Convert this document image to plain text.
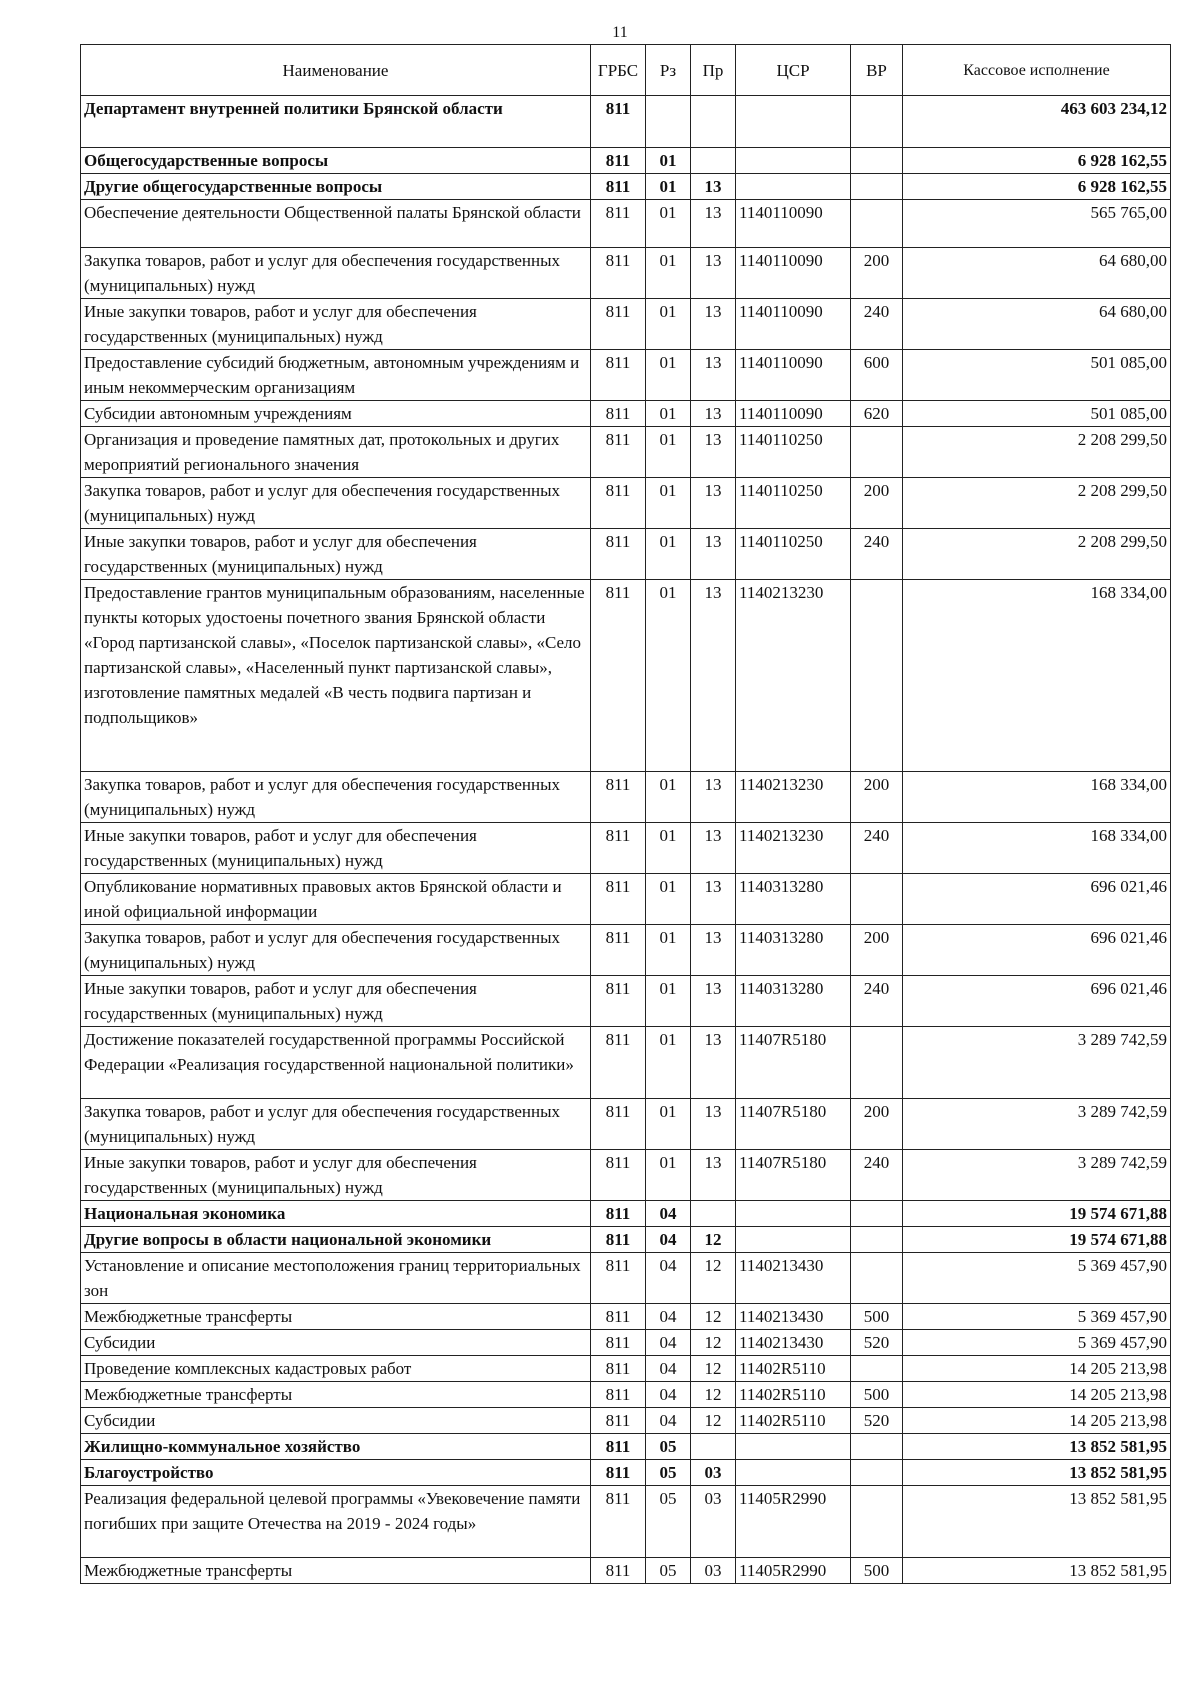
11
Наименование	ГРБС	Рз	Пр	ЦСР	ВР	Кассовое исполнение
Департамент внутренней политики Брянской области	811					463 603 234,12
Общегосударственные вопросы	811	01				6 928 162,55
Другие общегосударственные вопросы	811	01	13			6 928 162,55
Обеспечение деятельности Общественной палаты Брянской области	811	01	13	1140110090		565 765,00
Закупка товаров, работ и услуг для обеспечения государственных (муниципальных) нужд	811	01	13	1140110090	200	64 680,00
Иные закупки товаров, работ и услуг для обеспечения государственных (муниципальных) нужд	811	01	13	1140110090	240	64 680,00
Предоставление субсидий бюджетным, автономным учреждениям и иным некоммерческим организациям	811	01	13	1140110090	600	501 085,00
Субсидии автономным учреждениям	811	01	13	1140110090	620	501 085,00
Организация и проведение памятных дат, протокольных и других мероприятий регионального значения	811	01	13	1140110250		2 208 299,50
Закупка товаров, работ и услуг для обеспечения государственных (муниципальных) нужд	811	01	13	1140110250	200	2 208 299,50
Иные закупки товаров, работ и услуг для обеспечения государственных (муниципальных) нужд	811	01	13	1140110250	240	2 208 299,50
Предоставление грантов муниципальным образованиям, населенные пункты которых удостоены почетного звания Брянской области «Город партизанской славы», «Поселок партизанской славы», «Село партизанской славы», «Населенный пункт партизанской славы», изготовление памятных медалей «В честь подвига партизан и подпольщиков»	811	01	13	1140213230		168 334,00
Закупка товаров, работ и услуг для обеспечения государственных (муниципальных) нужд	811	01	13	1140213230	200	168 334,00
Иные закупки товаров, работ и услуг для обеспечения государственных (муниципальных) нужд	811	01	13	1140213230	240	168 334,00
Опубликование нормативных правовых актов Брянской области и иной официальной информации	811	01	13	1140313280		696 021,46
Закупка товаров, работ и услуг для обеспечения государственных (муниципальных) нужд	811	01	13	1140313280	200	696 021,46
Иные закупки товаров, работ и услуг для обеспечения государственных (муниципальных) нужд	811	01	13	1140313280	240	696 021,46
Достижение показателей государственной программы Российской Федерации «Реализация государственной национальной политики»	811	01	13	11407R5180		3 289 742,59
Закупка товаров, работ и услуг для обеспечения государственных (муниципальных) нужд	811	01	13	11407R5180	200	3 289 742,59
Иные закупки товаров, работ и услуг для обеспечения государственных (муниципальных) нужд	811	01	13	11407R5180	240	3 289 742,59
Национальная экономика	811	04				19 574 671,88
Другие вопросы в области национальной экономики	811	04	12			19 574 671,88
Установление и описание местоположения границ территориальных зон	811	04	12	1140213430		5 369 457,90
Межбюджетные трансферты	811	04	12	1140213430	500	5 369 457,90
Субсидии	811	04	12	1140213430	520	5 369 457,90
Проведение комплексных кадастровых работ	811	04	12	11402R5110		14 205 213,98
Межбюджетные трансферты	811	04	12	11402R5110	500	14 205 213,98
Субсидии	811	04	12	11402R5110	520	14 205 213,98
Жилищно-коммунальное хозяйство	811	05				13 852 581,95
Благоустройство	811	05	03			13 852 581,95
Реализация федеральной целевой программы «Увековечение памяти погибших при защите Отечества на 2019 - 2024 годы»	811	05	03	11405R2990		13 852 581,95
Межбюджетные трансферты	811	05	03	11405R2990	500	13 852 581,95
